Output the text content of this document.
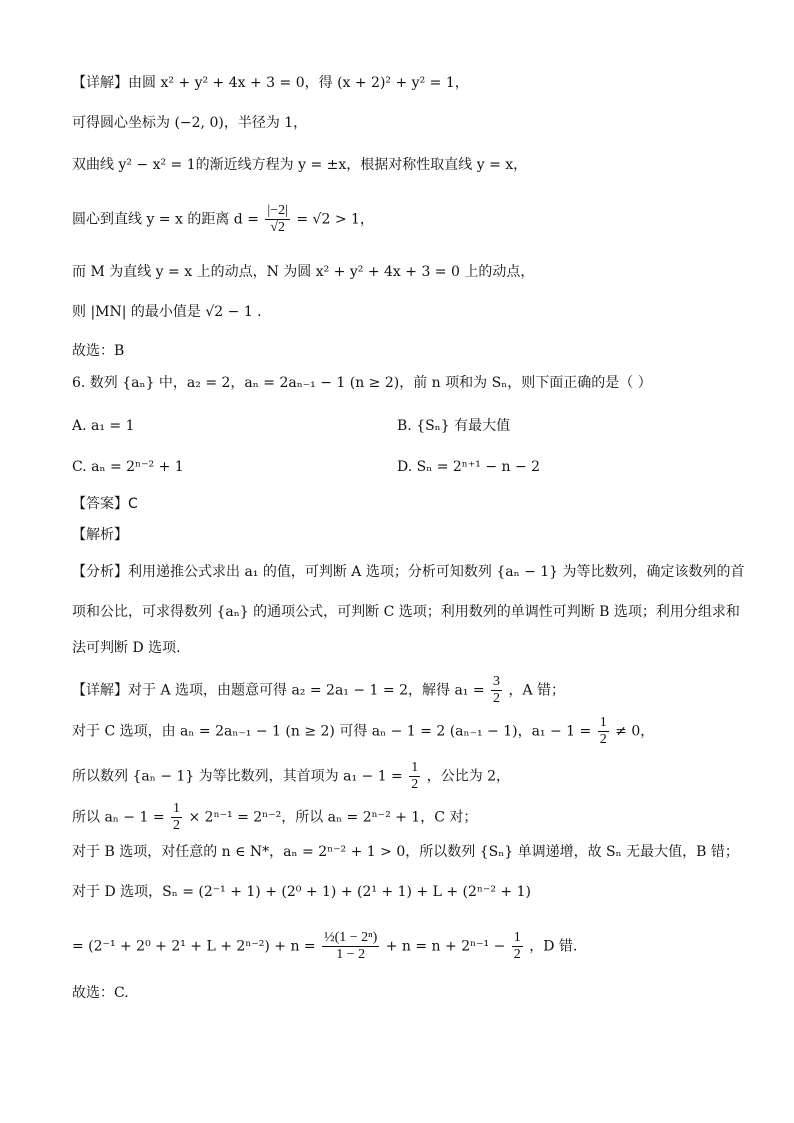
【详解】由圆 x² + y² + 4x + 3 = 0，得 (x + 2)² + y² = 1，
可得圆心坐标为 (−2, 0)，半径为 1，
双曲线 y² − x² = 1的渐近线方程为 y = ±x，根据对称性取直线 y = x，
圆心到直线 y = x 的距离 $d = \frac{|-2|}{√2} = √2 > 1$，
而 M 为直线 y = x 上的动点，N 为圆 x² + y² + 4x + 3 = 0 上的动点，
则 |MN| 的最小值是 √2 − 1 .
故选：B
6. 数列 {aₙ} 中，a₂ = 2，aₙ = 2aₙ₋₁ − 1 (n ≥ 2)，前 n 项和为 Sₙ，则下面正确的是（ ）
A. a₁ = 1	B. {Sₙ} 有最大值
C. aₙ = 2ⁿ⁻² + 1	D. Sₙ = 2ⁿ⁺¹ − n − 2
【答案】C
【解析】
【分析】利用递推公式求出 a₁ 的值，可判断 A 选项；分析可知数列 {aₙ − 1} 为等比数列，确定该数列的首
项和公比，可求得数列 {aₙ} 的通项公式，可判断 C 选项；利用数列的单调性可判断 B 选项；利用分组求和
法可判断 D 选项.
【详解】对于 A 选项，由题意可得 a₂ = 2a₁ − 1 = 2，解得 $a_1 = \frac{3}{2}$ ，A 错；
对于 C 选项，由 aₙ = 2aₙ₋₁ − 1 (n ≥ 2) 可得 aₙ − 1 = 2 (aₙ₋₁ − 1)，$a_1 - 1 = \frac{1}{2} \ne 0$，
所以数列 {aₙ − 1} 为等比数列，其首项为 $a_1 - 1 = \frac{1}{2}$ ，公比为 2，
所以 $a_n - 1 = \frac{1}{2} \times 2^{n-1} = 2^{n-2}$，所以 aₙ = 2ⁿ⁻² + 1，C 对；
对于 B 选项，对任意的 n ∈ N*，aₙ = 2ⁿ⁻² + 1 > 0，所以数列 {Sₙ} 单调递增，故 Sₙ 无最大值，B 错；
对于 D 选项，Sₙ = (2⁻¹ + 1) + (2⁰ + 1) + (2¹ + 1) + L + (2ⁿ⁻² + 1)
= $(2^{-1} + 2^0 + 2^1 + L + 2^{n-2}) + n = \frac{\text{½(1 − 2ⁿ)}}{1 - 2} + n = n + 2^{n-1} - \frac{1}{2}$ ，D 错.
故选：C.
